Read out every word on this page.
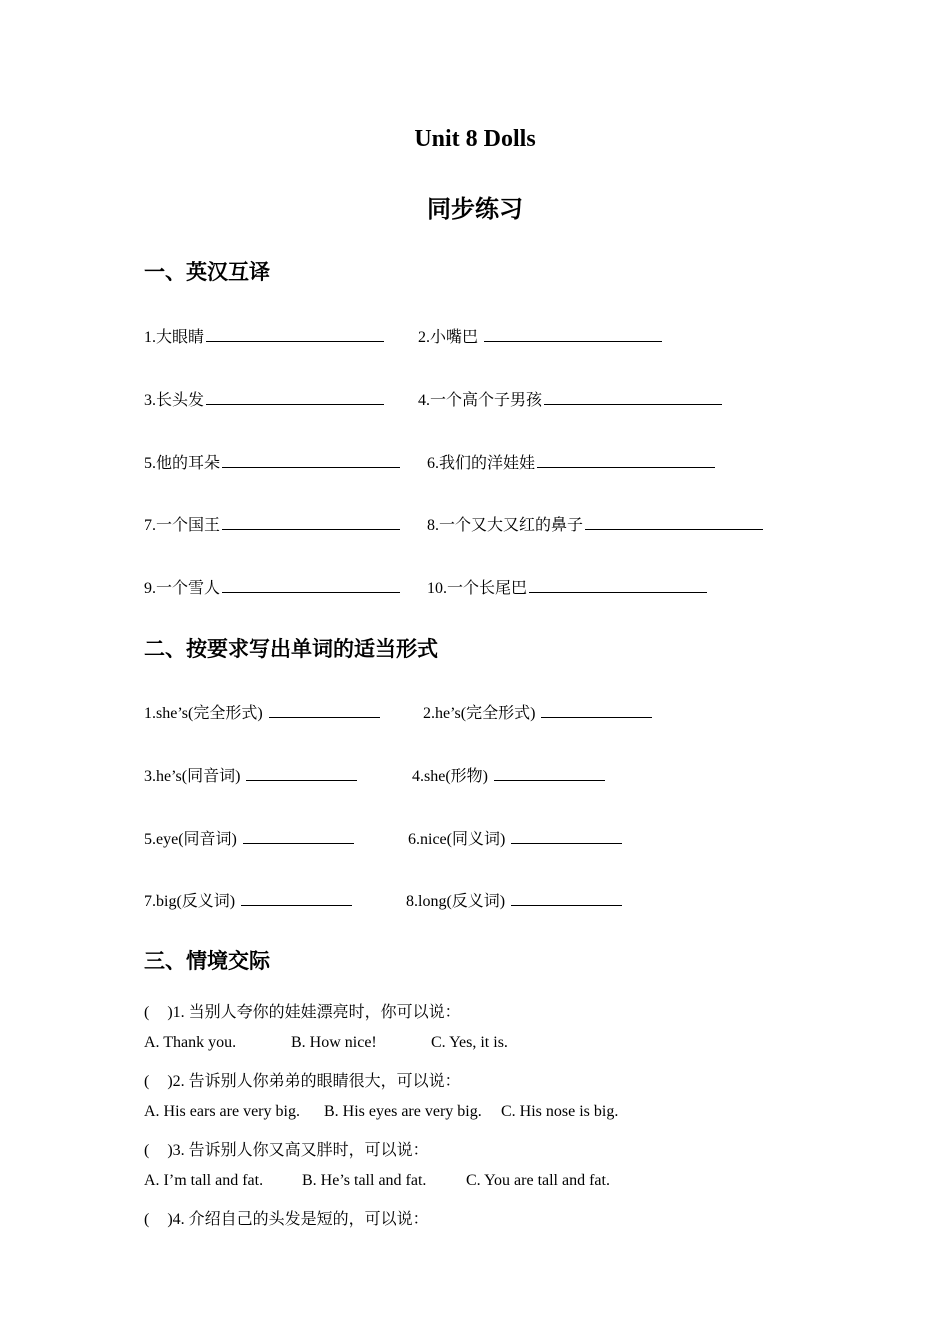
Unit 8 Dolls
同步练习
一、英汉互译
1.大眼睛	2.小嘴巴
3.长头发	4.一个高个子男孩
5.他的耳朵	6.我们的洋娃娃
7.一个国王	8.一个又大又红的鼻子
9.一个雪人	10.一个长尾巴
二、按要求写出单词的适当形式
1.she’s(完全形式)	2.he’s(完全形式)
3.he’s(同音词)	4.she(形物)
5.eye(同音词)	6.nice(同义词)
7.big(反义词)	8.long(反义词)
三、情境交际
( )1. 当别人夸你的娃娃漂亮时，你可以说：
A. Thank you.	B. How nice!	C. Yes, it is.
( )2. 告诉别人你弟弟的眼睛很大，可以说：
A. His ears are very big. B. His eyes are very big. C. His nose is big.
( )3. 告诉别人你又高又胖时，可以说：
A. I’m tall and fat. B. He’s tall and fat. C. You are tall and fat.
( )4. 介绍自己的头发是短的，可以说：
